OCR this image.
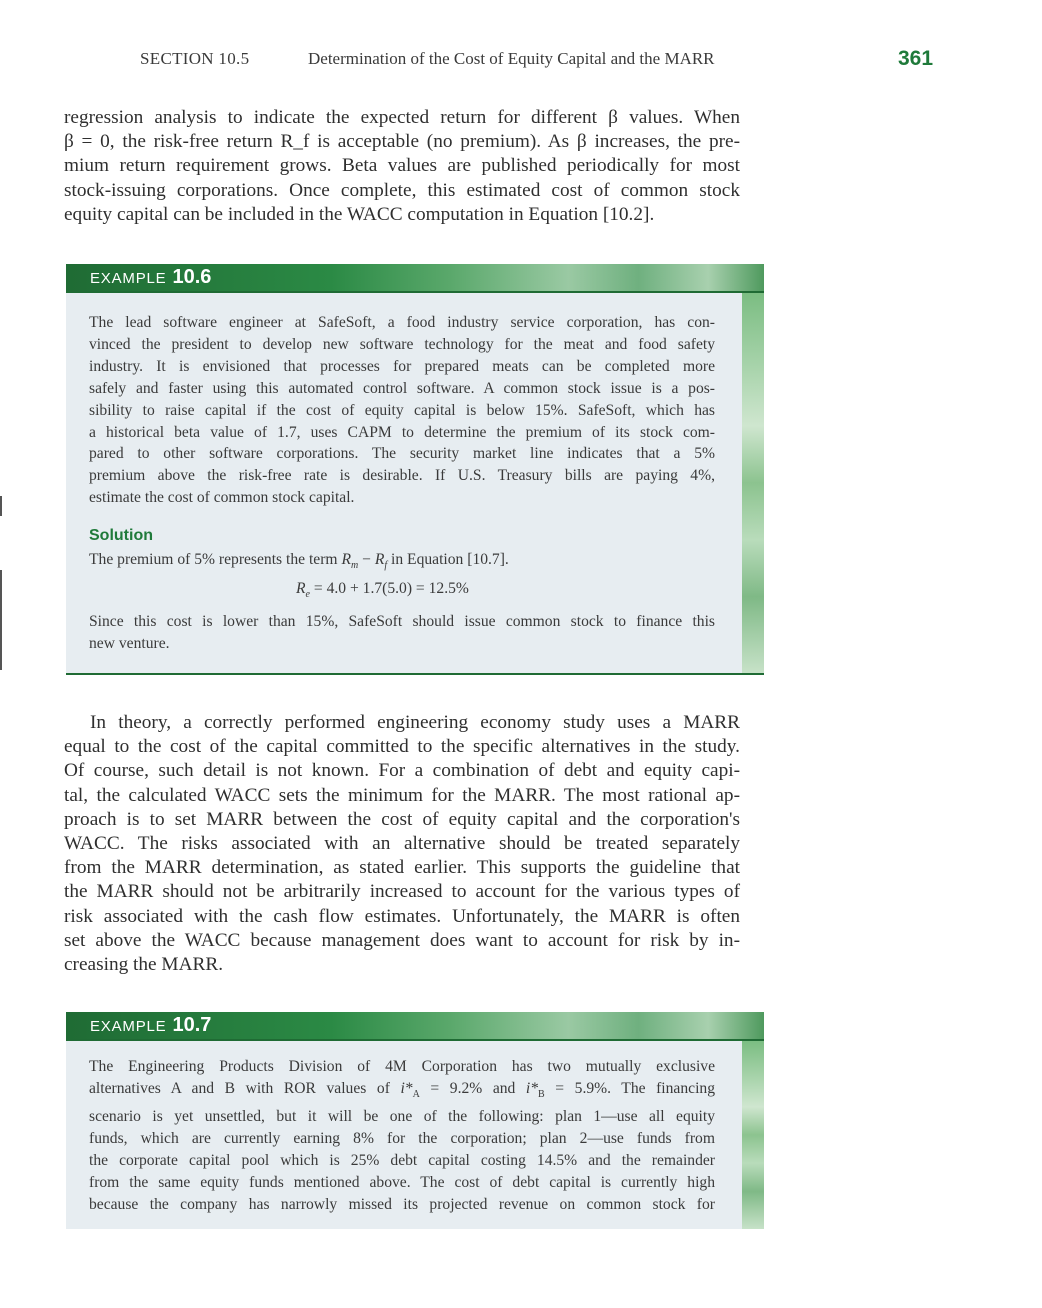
SECTION 10.5	Determination of the Cost of Equity Capital and the MARR	361
regression analysis to indicate the expected return for different β values. When
β = 0, the risk-free return R_f is acceptable (no premium). As β increases, the pre-
mium return requirement grows. Beta values are published periodically for most
stock-issuing corporations. Once complete, this estimated cost of common stock
equity capital can be included in the WACC computation in Equation [10.2].
EXAMPLE 10.6
The lead software engineer at SafeSoft, a food industry service corporation, has con-
vinced the president to develop new software technology for the meat and food safety
industry. It is envisioned that processes for prepared meats can be completed more
safely and faster using this automated control software. A common stock issue is a pos-
sibility to raise capital if the cost of equity capital is below 15%. SafeSoft, which has
a historical beta value of 1.7, uses CAPM to determine the premium of its stock com-
pared to other software corporations. The security market line indicates that a 5%
premium above the risk-free rate is desirable. If U.S. Treasury bills are paying 4%,
estimate the cost of common stock capital.
Solution
The premium of 5% represents the term $R_m - R_f$ in Equation [10.7].
$R_e = 4.0 + 1.7(5.0) = 12.5\%$
Since this cost is lower than 15%, SafeSoft should issue common stock to finance this
new venture.
In theory, a correctly performed engineering economy study uses a MARR
equal to the cost of the capital committed to the specific alternatives in the study.
Of course, such detail is not known. For a combination of debt and equity capi-
tal, the calculated WACC sets the minimum for the MARR. The most rational ap-
proach is to set MARR between the cost of equity capital and the corporation's
WACC. The risks associated with an alternative should be treated separately
from the MARR determination, as stated earlier. This supports the guideline that
the MARR should not be arbitrarily increased to account for the various types of
risk associated with the cash flow estimates. Unfortunately, the MARR is often
set above the WACC because management does want to account for risk by in-
creasing the MARR.
EXAMPLE 10.7
The Engineering Products Division of 4M Corporation has two mutually exclusive
alternatives A and B with ROR values of $i*_A = 9.2\%$ and $i*_B = 5.9\%$. The financing
scenario is yet unsettled, but it will be one of the following: plan 1—use all equity
funds, which are currently earning 8% for the corporation; plan 2—use funds from
the corporate capital pool which is 25% debt capital costing 14.5% and the remainder
from the same equity funds mentioned above. The cost of debt capital is currently high
because the company has narrowly missed its projected revenue on common stock for
